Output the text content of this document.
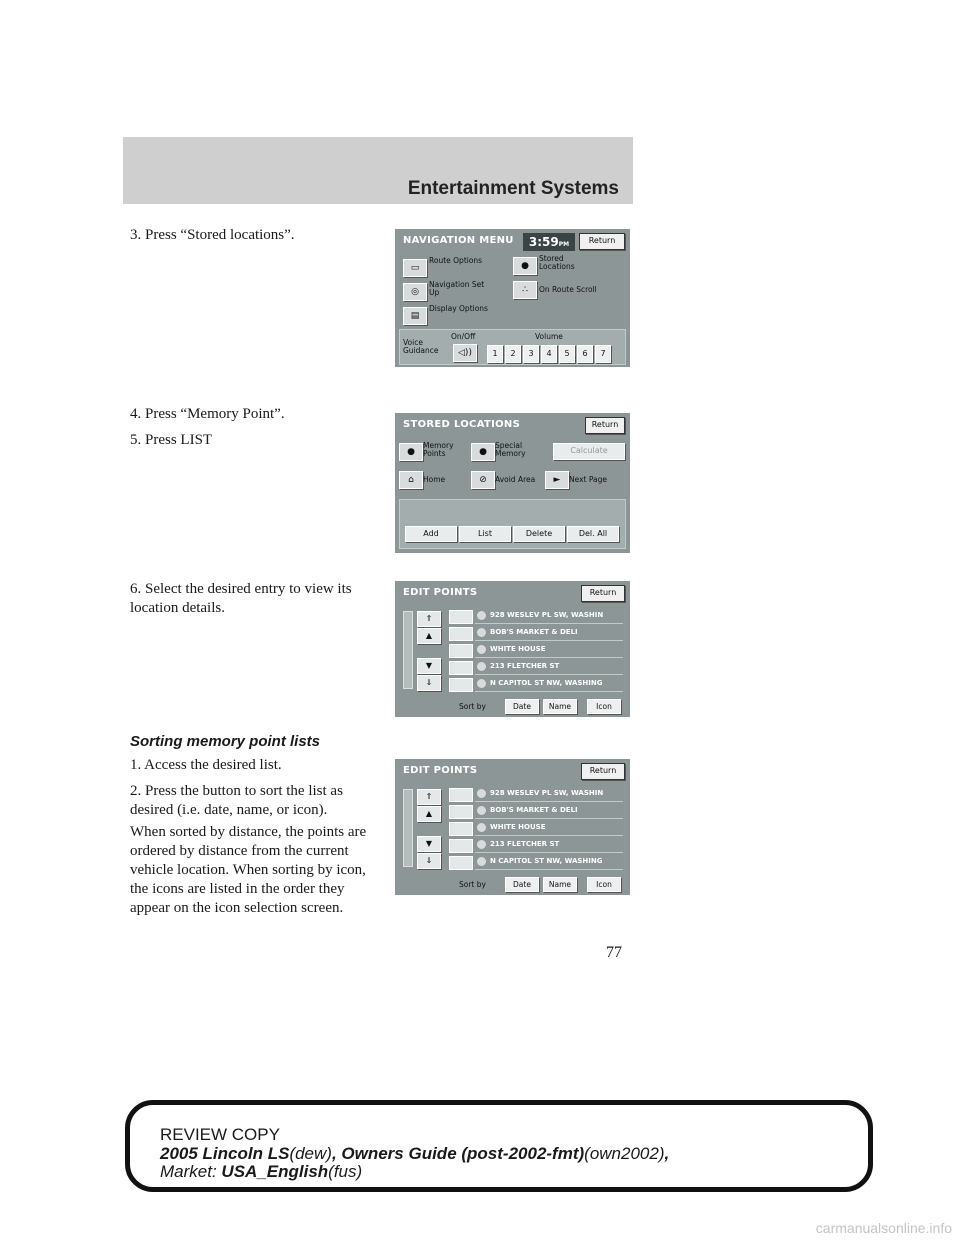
Entertainment Systems

3. Press “Stored locations”.	NAVIGATION MENU	3:59PM	Return
▭
Route Options
●
Stored Locations
◎
Navigation Set Up	∴	On Route Scroll
▤
Display Options
Voice Guidance
On/Off	Volume
◁))	1	2	3	4	5	6	7

4. Press “Memory Point”.

5. Press LIST

STORED LOCATIONS	Return
●
Memory Points	●
Special Memory	Calculate
⌂	Home	⊘	Avoid Area	►	Next Page
Add	List	Delete	Del. All

6. Select the desired entry to view its location details.

EDIT POINTS	Return
⇑
▲
▼
⇓
928 WESLEV PL SW, WASHIN
BOB'S MARKET & DELI
WHITE HOUSE
213 FLETCHER ST
N CAPITOL ST NW, WASHING
Sort by	Date	Name	Icon
Sorting memory point lists

1. Access the desired list.

2. Press the button to sort the list as desired (i.e. date, name, or icon).

When sorted by distance, the points are ordered by distance from the current vehicle location. When sorting by icon, the icons are listed in the order they appear on the icon selection screen.

EDIT POINTS	Return
⇑
▲
▼
⇓
928 WESLEV PL SW, WASHIN
BOB'S MARKET & DELI
WHITE HOUSE
213 FLETCHER ST
N CAPITOL ST NW, WASHING
Sort by	Date	Name	Icon
77
REVIEW COPY
2005 Lincoln LS(dew), Owners Guide (post-2002-fmt)(own2002),
Market: USA_English(fus)
carmanualsonline.info
